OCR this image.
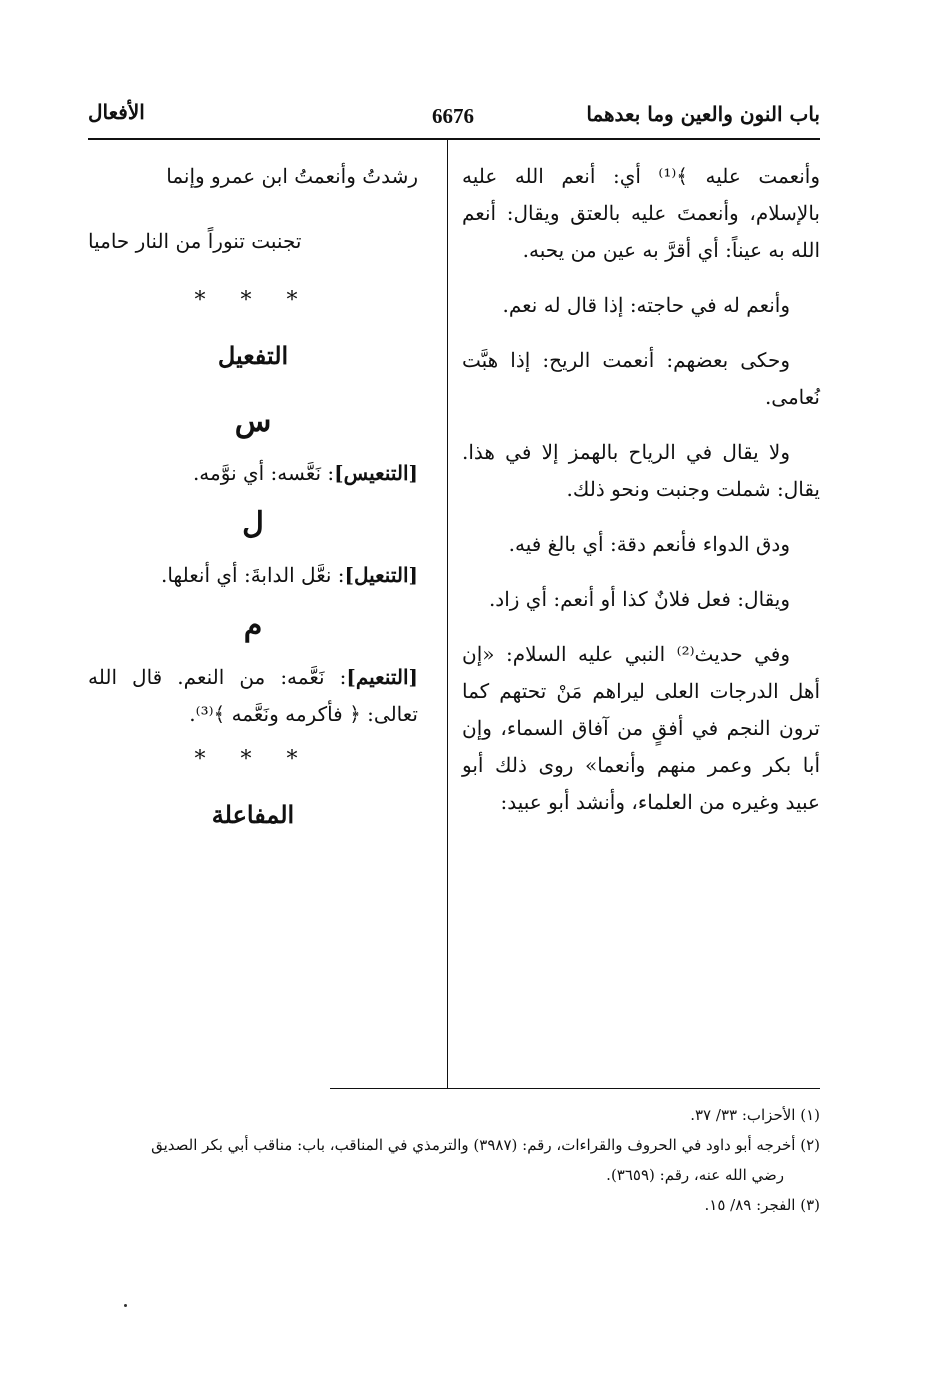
باب النون والعين وما بعدهما
6676
الأفعال

وأنعمت عليه ﴾⁽¹⁾ أي: أنعم الله عليه بالإسلام، وأنعمتَ عليه بالعتق ويقال: أنعم الله به عيناً: أي أقرَّ به عين من يحبه.

وأنعم له في حاجته: إذا قال له نعم.

وحكى بعضهم: أنعمت الريح: إذا هبَّت نُعامى.

ولا يقال في الرياح بالهمز إلا في هذا. يقال: شملت وجنبت ونحو ذلك.

ودق الدواء فأنعم دقة: أي بالغ فيه.

ويقال: فعل فلانٌ كذا أو أنعم: أي زاد.

وفي حديث⁽²⁾ النبي عليه السلام: «إن أهل الدرجات العلى ليراهم مَنْ تحتهم كما ترون النجم في أفقٍ من آفاق السماء، وإن أبا بكر وعمر منهم وأنعما» روى ذلك أبو عبيد وغيره من العلماء، وأنشد أبو عبيد:

رشدتُ وأنعمتُ ابن عمرو وإنما
تجنبت تنوراً من النار حاميا
* * *
التفعيل
س

[التنعيس]: نَعَّسه: أي نوَّمه.

ل

[التنعيل]: نعَّل الدابةَ: أي أنعلها.

م

[التنعيم]: نَعَّمه: من النعم. قال الله تعالى: ﴿ فأكرمه ونَعَّمه ﴾⁽³⁾.

* * *
المفاعلة

(١) الأحزاب: ٣٣/ ٣٧.

(٢) أخرجه أبو داود في الحروف والقراءات، رقم: (٣٩٨٧) والترمذي في المناقب، باب: مناقب أبي بكر الصديق

رضي الله عنه، رقم: (٣٦٥٩).

(٣) الفجر: ٨٩/ ١٥.
